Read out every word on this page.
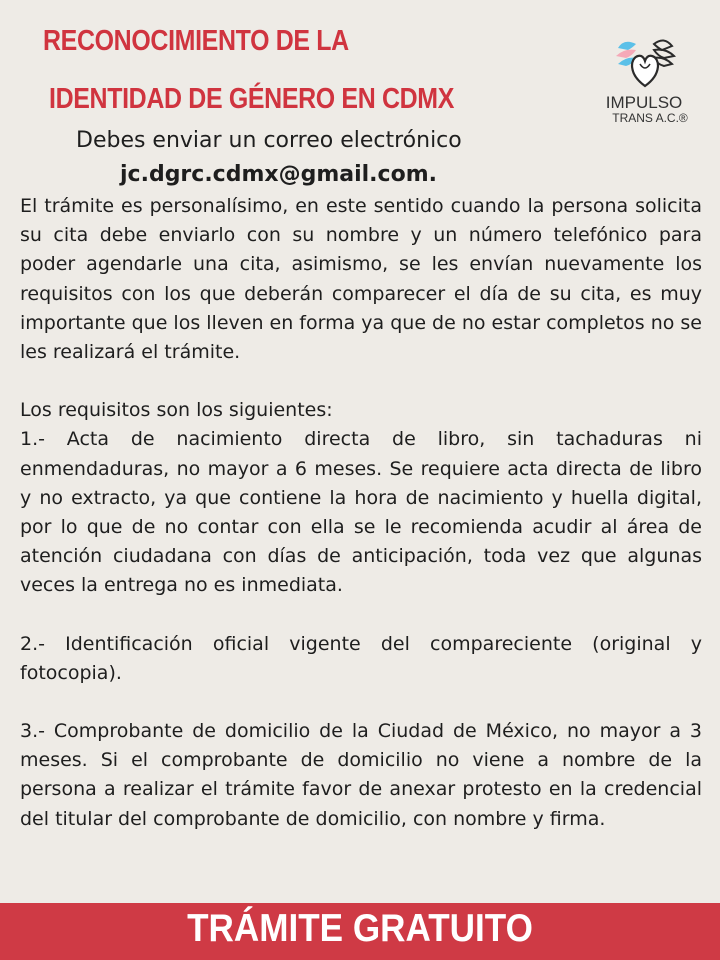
RECONOCIMIENTO DE LA
IDENTIDAD DE GÉNERO EN CDMX	IMPULSO
TRANS A.C.®

Debes enviar un correo electrónico

jc.dgrc.cdmx@gmail.com.

El trámite es personalísimo, en este sentido cuando la persona solicita su cita debe enviarlo con su nombre y un número telefónico para poder agendarle una cita, asimismo, se les envían nuevamente los requisitos con los que deberán comparecer el día de su cita, es muy importante que los lleven en forma ya que de no estar completos no se les realizará el trámite.

Los requisitos son los siguientes:

1.- Acta de nacimiento directa de libro, sin tachaduras ni enmendaduras, no mayor a 6 meses. Se requiere acta directa de libro y no extracto, ya que contiene la hora de nacimiento y huella digital, por lo que de no contar con ella se le recomienda acudir al área de atención ciudadana con días de anticipación, toda vez que algunas veces la entrega no es inmediata.

2.- Identificación oficial vigente del compareciente (original y fotocopia).

3.- Comprobante de domicilio de la Ciudad de México, no mayor a 3 meses. Si el comprobante de domicilio no viene a nombre de la persona a realizar el trámite favor de anexar protesto en la credencial del titular del comprobante de domicilio, con nombre y firma.

TRÁMITE GRATUITO
